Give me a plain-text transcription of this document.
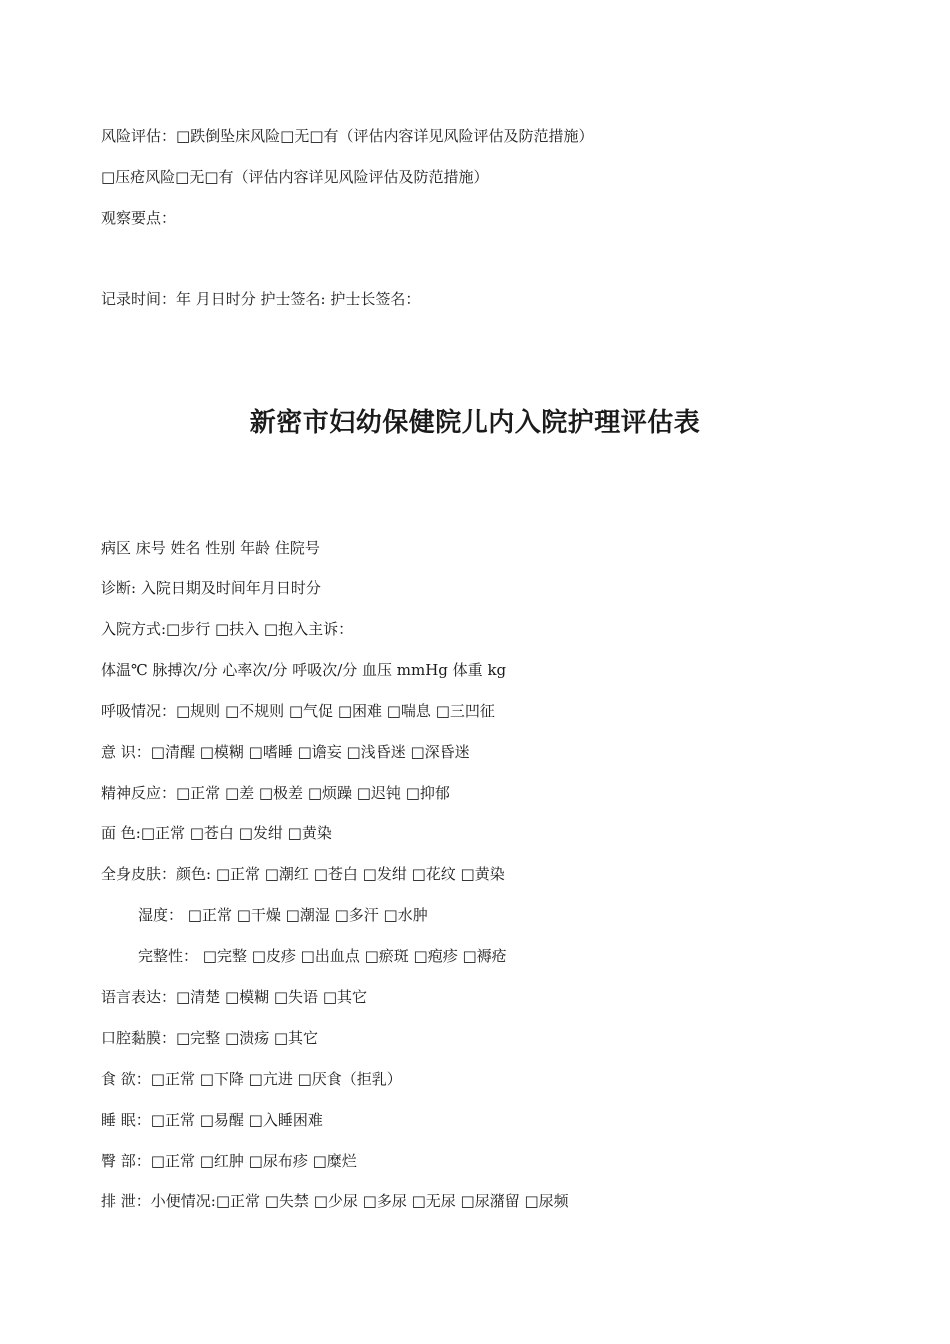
风险评估：□跌倒坠床风险□无□有（评估内容详见风险评估及防范措施）
□压疮风险□无□有（评估内容详见风险评估及防范措施）
观察要点：
记录时间：年 月日时分 护士签名: 护士长签名：
新密市妇幼保健院儿内入院护理评估表
病区 床号 姓名 性别 年龄 住院号
诊断: 入院日期及时间年月日时分
入院方式:□步行 □扶入 □抱入主诉：
体温℃ 脉搏次/分 心率次/分 呼吸次/分 血压 mmHg 体重 kg
呼吸情况：□规则 □不规则 □气促 □困难 □喘息 □三凹征
意 识：□清醒 □模糊 □嗜睡 □谵妄 □浅昏迷 □深昏迷
精神反应：□正常 □差 □极差 □烦躁 □迟钝 □抑郁
面 色:□正常 □苍白 □发绀 □黄染
全身皮肤：颜色: □正常 □潮红 □苍白 □发绀 □花纹 □黄染
湿度： □正常 □干燥 □潮湿 □多汗 □水肿
完整性： □完整 □皮疹 □出血点 □瘀斑 □疱疹 □褥疮
语言表达：□清楚 □模糊 □失语 □其它
口腔黏膜：□完整 □溃疡 □其它
食 欲：□正常 □下降 □亢进 □厌食（拒乳）
睡 眠：□正常 □易醒 □入睡困难
臀 部：□正常 □红肿 □尿布疹 □糜烂
排 泄：小便情况:□正常 □失禁 □少尿 □多尿 □无尿 □尿潴留 □尿频
